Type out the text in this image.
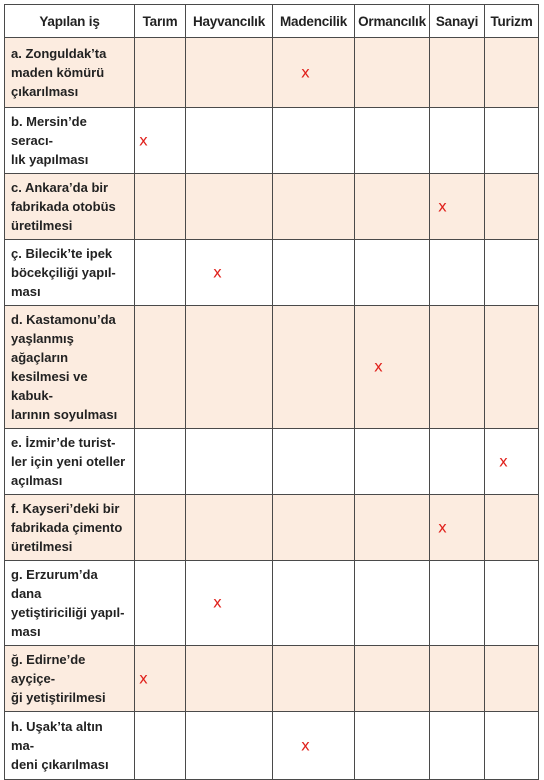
Yapılan iş	Tarım	Hayvancılık	Madencilik	Ormancılık	Sanayi	Turizm

a. Zonguldak’ta
maden kömürü
çıkarılması			x			

b. Mersin’de seracı-
lık yapılması	x					

c. Ankara’da bir
fabrikada otobüs
üretilmesi					x	

ç. Bilecik’te ipek
böcekçiliği yapıl-
ması		x				

d. Kastamonu’da
yaşlanmış ağaçların
kesilmesi ve kabuk-
larının soyulması				x		

e. İzmir’de turist-
ler için yeni oteller
açılması						x

f. Kayseri’deki bir
fabrikada çimento
üretilmesi					x	

g. Erzurum’da dana
yetiştiriciliği yapıl-
ması		x				

ğ. Edirne’de ayçiçe-
ği yetiştirilmesi	x					

h. Uşak’ta altın ma-
deni çıkarılması			x			
